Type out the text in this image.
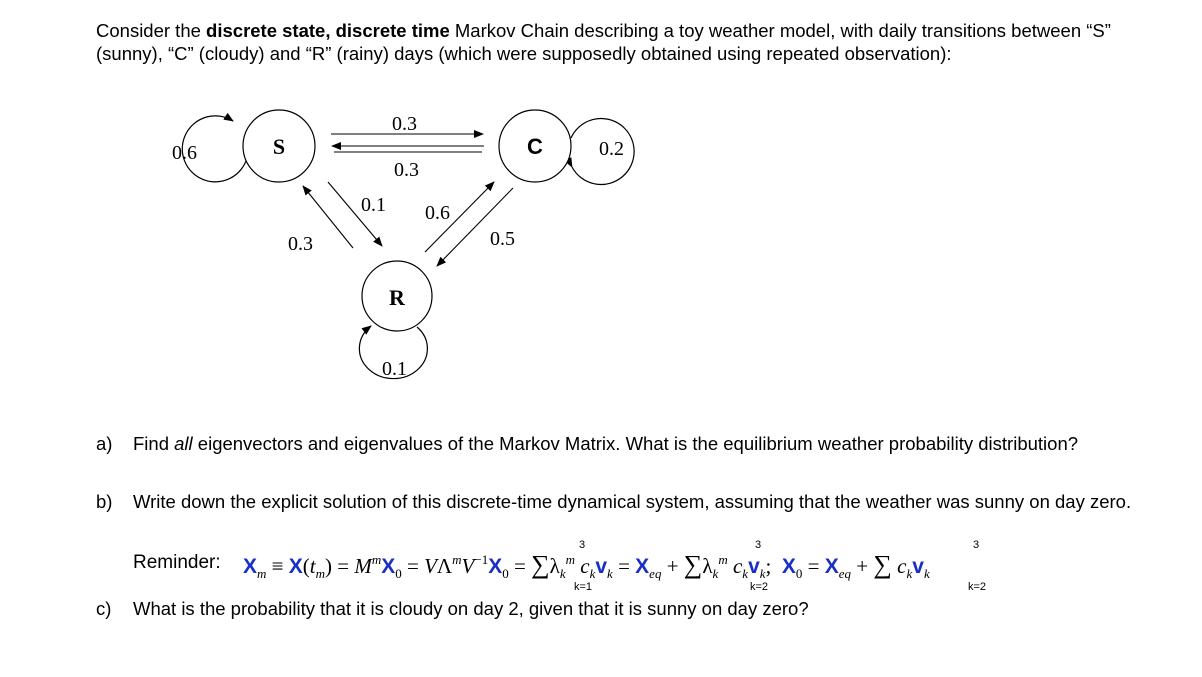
Consider the discrete state, discrete time Markov Chain describing a toy weather model, with daily transitions between “S” (sunny), “C” (cloudy) and “R” (rainy) days (which were supposedly obtained using repeated observation):

S	C
R
0.6	0.2
0.1
0.3
0.3
0.1 0.6
0.3	0.5
a) Find all eigenvectors and eigenvalues of the Markov Matrix. What is the equilibrium weather probability distribution?
b) Write down the explicit solution of this discrete-time dynamical system, assuming that the weather was sunny on day zero.
c) What is the probability that it is cloudy on day 2, given that it is sunny on day zero?
Reminder: $X_m \equiv X(t_m) = M^mX_0 = V\Lambda^mV^{-1}X_0 = \sum\lambda_k^m$ $c_kv_k = X_{eq} + \sum\lambda_k^m$ $c_kv_k$;  $X_0 = X_{eq}$ + ∑ $c_kv_k$
3
k=1
3
k=2
3
k=2
